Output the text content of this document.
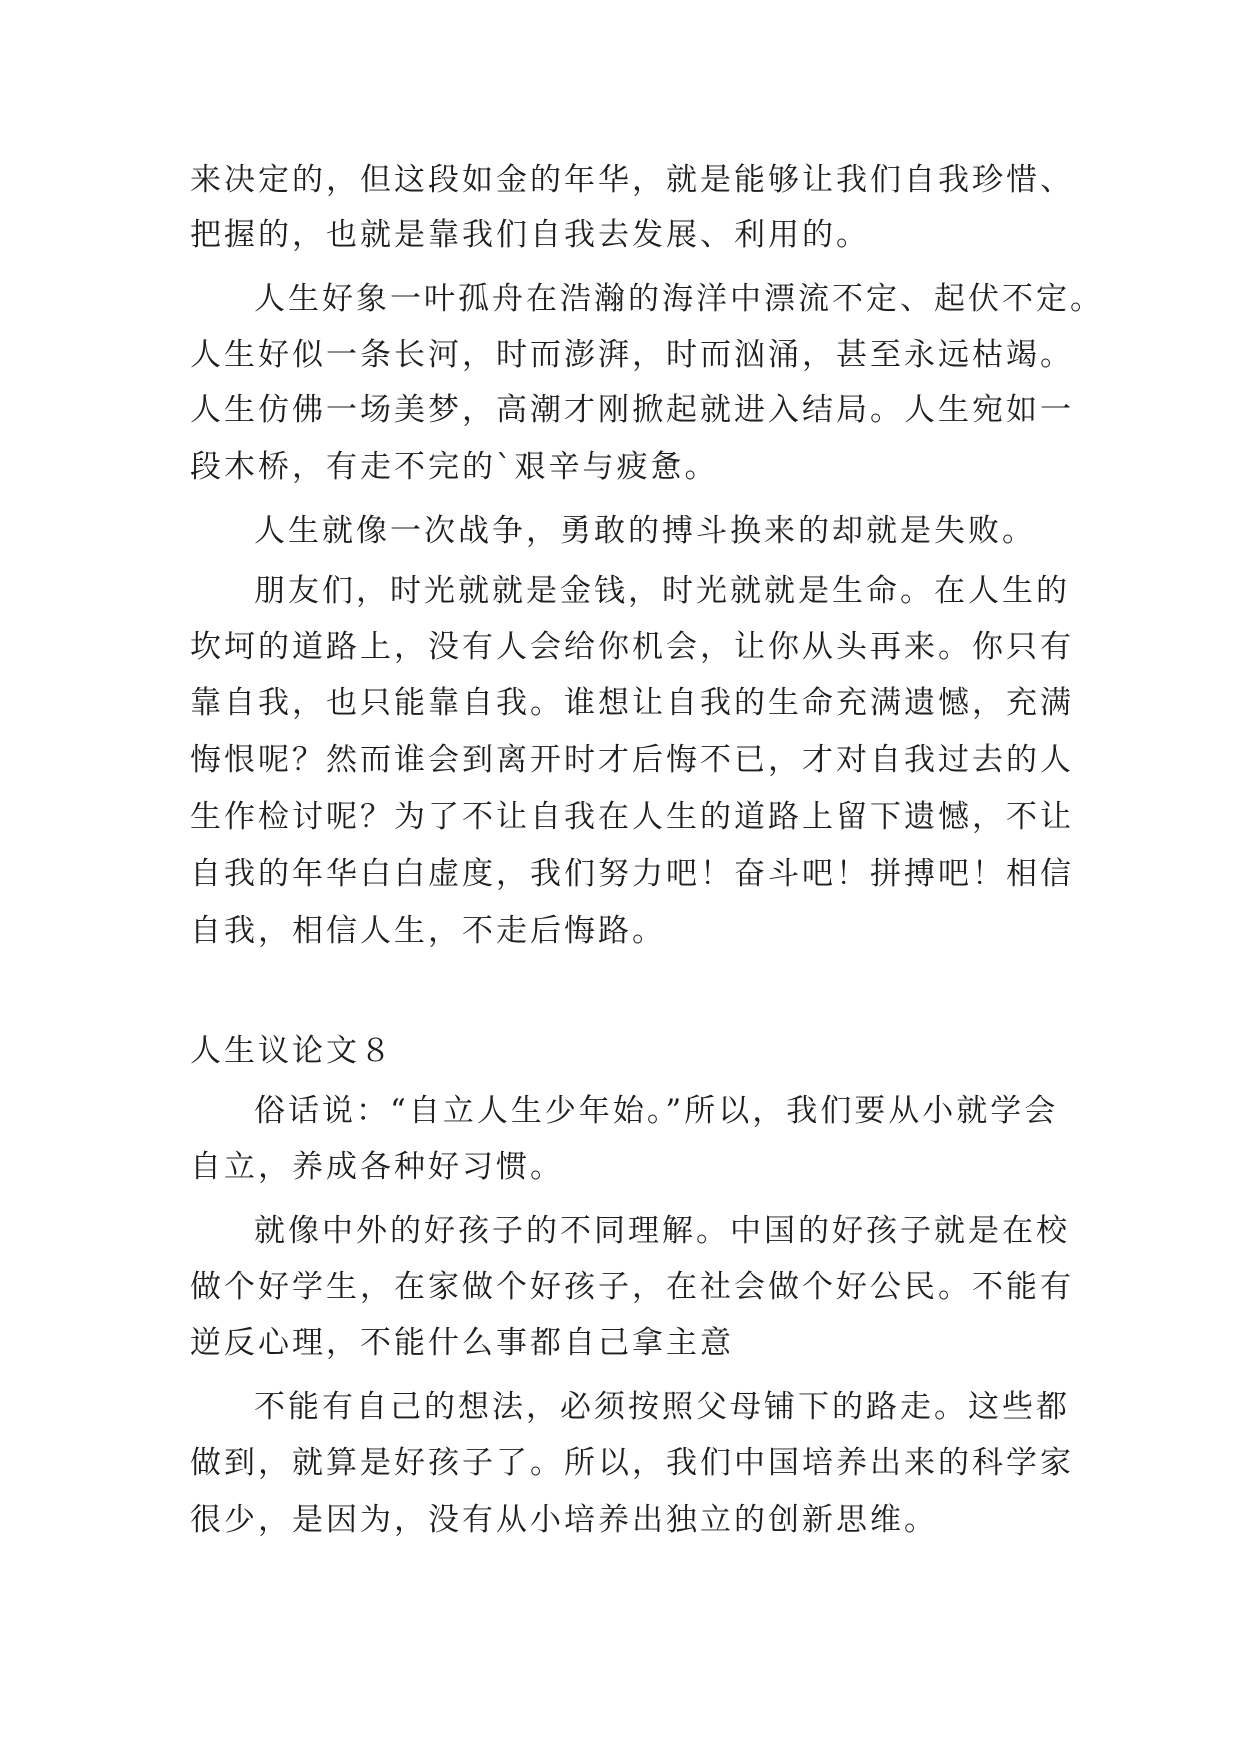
来决定的，但这段如金的年华，就是能够让我们自我珍惜、
把握的，也就是靠我们自我去发展、利用的。
人生好象一叶孤舟在浩瀚的海洋中漂流不定、起伏不定。
人生好似一条长河，时而澎湃，时而汹涌，甚至永远枯竭。
人生仿佛一场美梦，高潮才刚掀起就进入结局。人生宛如一
段木桥，有走不完的`艰辛与疲惫。
人生就像一次战争，勇敢的搏斗换来的却就是失败。
朋友们，时光就就是金钱，时光就就是生命。在人生的
坎坷的道路上，没有人会给你机会，让你从头再来。你只有
靠自我，也只能靠自我。谁想让自我的生命充满遗憾，充满
悔恨呢？然而谁会到离开时才后悔不已，才对自我过去的人
生作检讨呢？为了不让自我在人生的道路上留下遗憾，不让
自我的年华白白虚度，我们努力吧！奋斗吧！拼搏吧！相信
自我，相信人生，不走后悔路。
人生议论文８
俗话说：“自立人生少年始。”所以，我们要从小就学会
自立，养成各种好习惯。
就像中外的好孩子的不同理解。中国的好孩子就是在校
做个好学生，在家做个好孩子，在社会做个好公民。不能有
逆反心理，不能什么事都自己拿主意
不能有自己的想法，必须按照父母铺下的路走。这些都
做到，就算是好孩子了。所以，我们中国培养出来的科学家
很少，是因为，没有从小培养出独立的创新思维。
